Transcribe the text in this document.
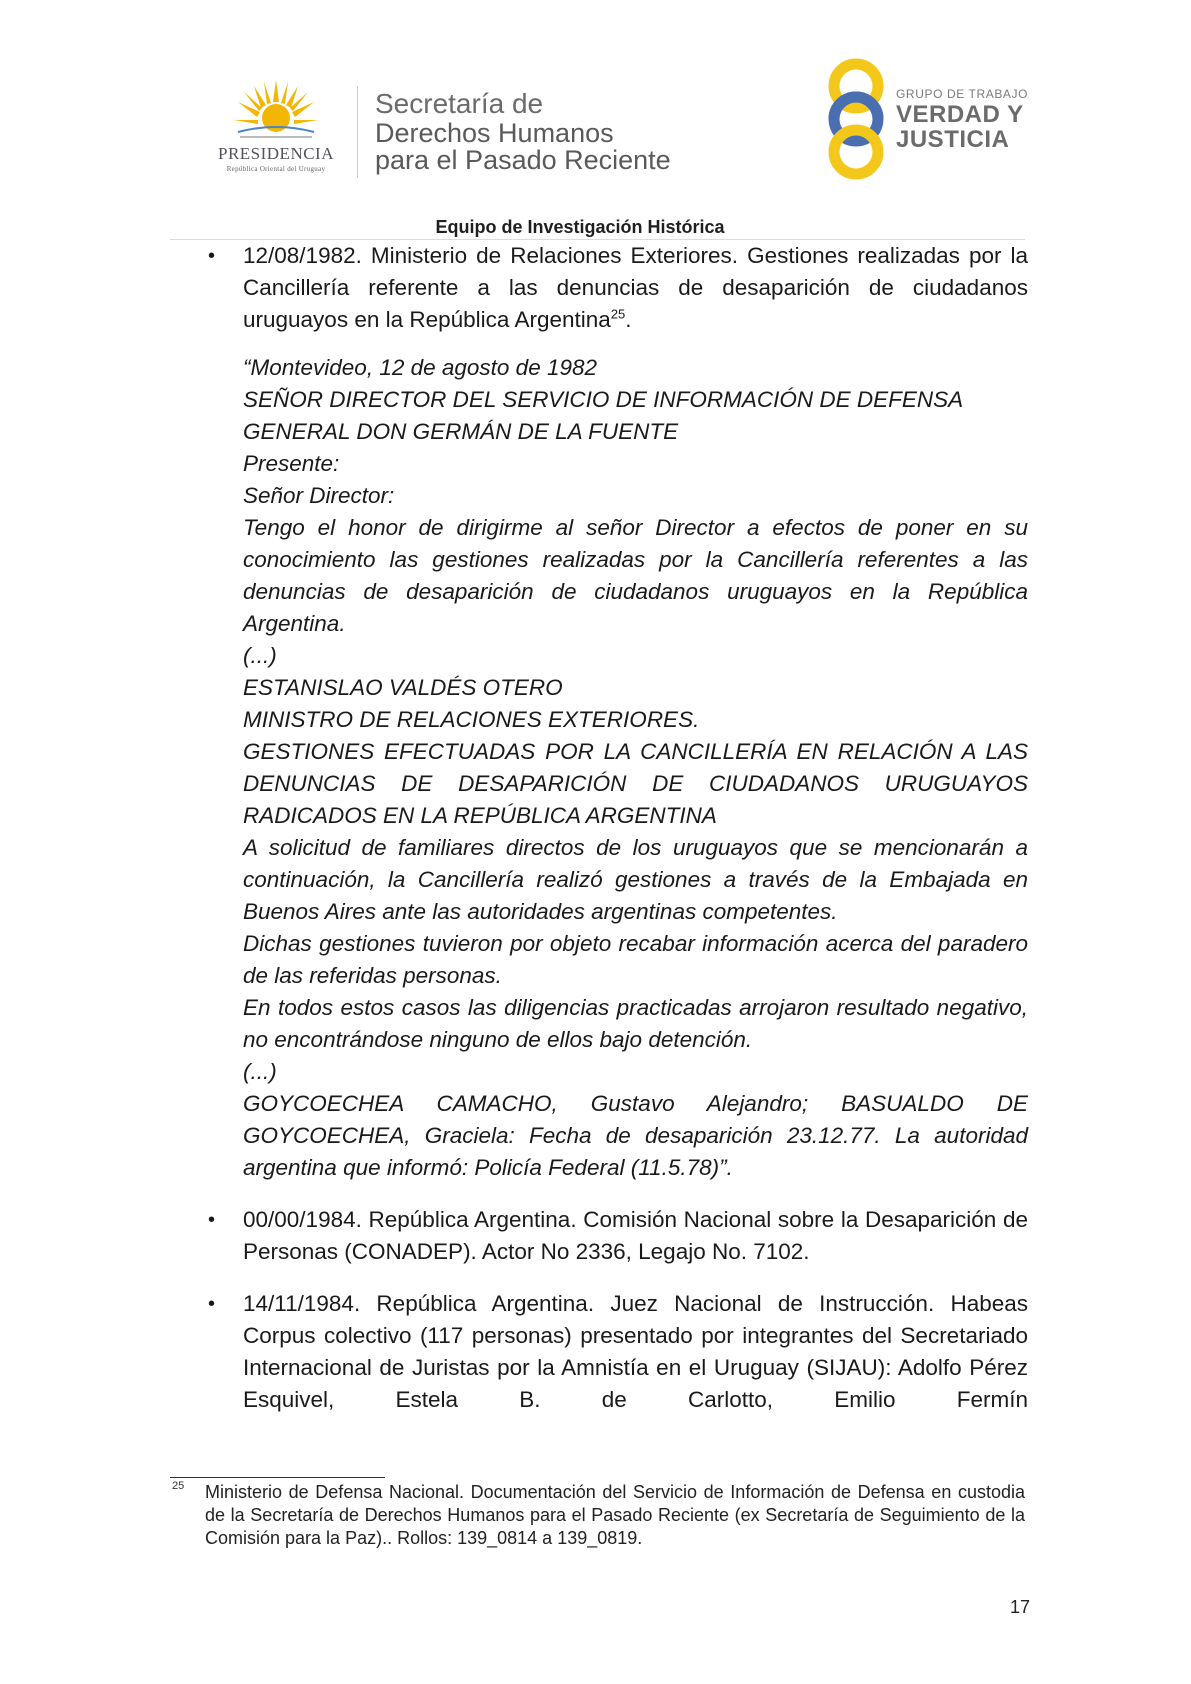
PRESIDENCIA
República Oriental del Uruguay
Secretaría de
Derechos Humanos
para el Pasado Reciente
GRUPO DE TRABAJO
VERDAD Y
JUSTICIA
Equipo de Investigación Histórica
• 12/08/1982. Ministerio de Relaciones Exteriores. Gestiones realizadas por la Cancillería referente a las denuncias de desaparición de ciudadanos uruguayos en la República Argentina$^{25}$.

“Montevideo, 12 de agosto de 1982
SEÑOR DIRECTOR DEL SERVICIO DE INFORMACIÓN DE DEFENSA
GENERAL DON GERMÁN DE LA FUENTE
Presente:
Señor Director:
Tengo el honor de dirigirme al señor Director a efectos de poner en su conocimiento las gestiones realizadas por la Cancillería referentes a las denuncias de desaparición de ciudadanos uruguayos en la República Argentina.
(...)
ESTANISLAO VALDÉS OTERO
MINISTRO DE RELACIONES EXTERIORES.
GESTIONES EFECTUADAS POR LA CANCILLERÍA EN RELACIÓN A LAS DENUNCIAS DE DESAPARICIÓN DE CIUDADANOS URUGUAYOS RADICADOS EN LA REPÚBLICA ARGENTINA
A solicitud de familiares directos de los uruguayos que se mencionarán a continuación, la Cancillería realizó gestiones a través de la Embajada en Buenos Aires ante las autoridades argentinas competentes.
Dichas gestiones tuvieron por objeto recabar información acerca del paradero de las referidas personas.
En todos estos casos las diligencias practicadas arrojaron resultado negativo, no encontrándose ninguno de ellos bajo detención.
(...)
GOYCOECHEA CAMACHO, Gustavo Alejandro; BASUALDO DE GOYCOECHEA, Graciela: Fecha de desaparición 23.12.77. La autoridad argentina que informó: Policía Federal (11.5.78)”.
• 00/00/1984. República Argentina. Comisión Nacional sobre la Desaparición de Personas (CONADEP). Actor No 2336, Legajo No. 7102.

• 14/11/1984. República Argentina. Juez Nacional de Instrucción. Habeas Corpus colectivo (117 personas) presentado por integrantes del Secretariado Internacional de Juristas por la Amnistía en el Uruguay (SIJAU): Adolfo Pérez Esquivel, Estela B. de Carlotto, Emilio Fermín

25 Ministerio de Defensa Nacional. Documentación del Servicio de Información de Defensa en custodia de la Secretaría de Derechos Humanos para el Pasado Reciente (ex Secretaría de Seguimiento de la Comisión para la Paz).. Rollos: 139_0814 a 139_0819.
17
